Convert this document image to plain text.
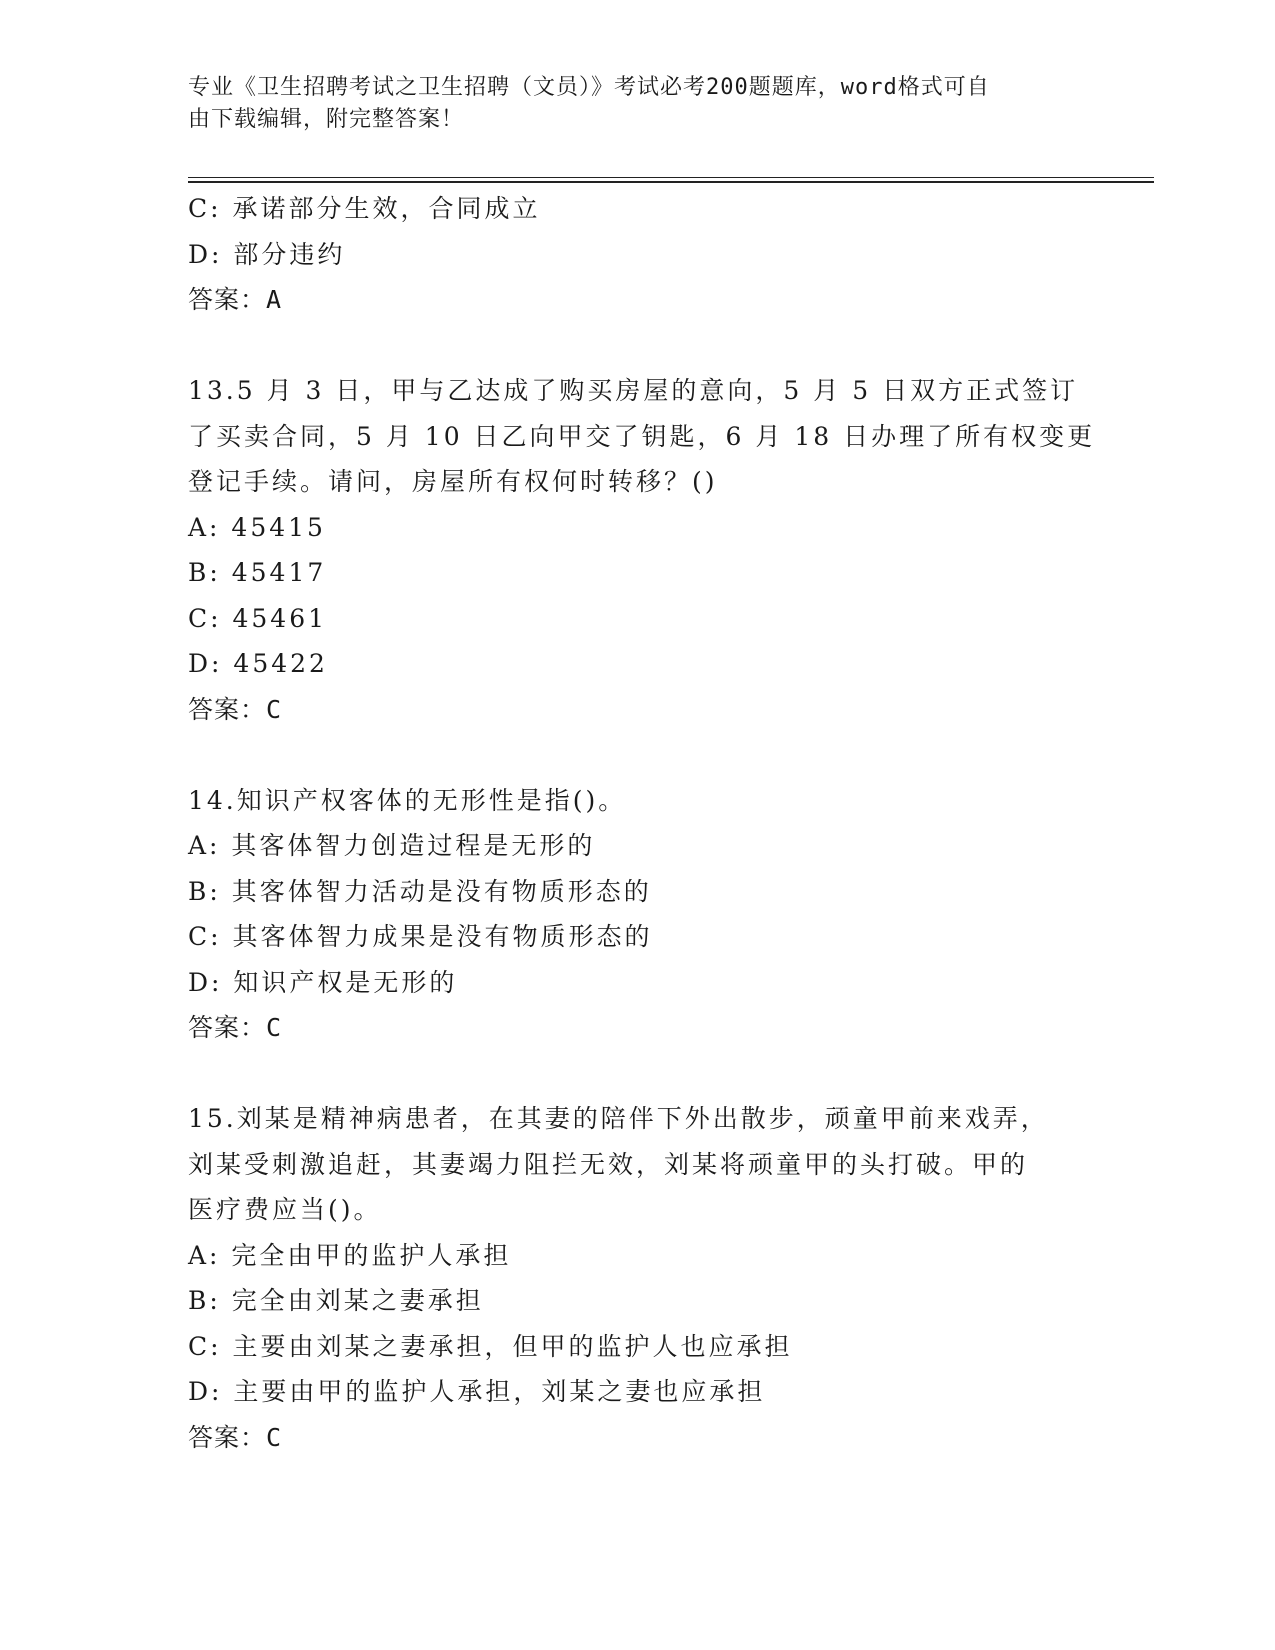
专业《卫生招聘考试之卫生招聘（文员）》考试必考200题题库，word格式可自
由下载编辑，附完整答案！
C: 承诺部分生效，合同成立
D: 部分违约
答案：A
13.5 月 3 日，甲与乙达成了购买房屋的意向，5 月 5 日双方正式签订
了买卖合同，5 月 10 日乙向甲交了钥匙，6 月 18 日办理了所有权变更
登记手续。请问，房屋所有权何时转移？()
A: 45415
B: 45417
C: 45461
D: 45422
答案：C
14.知识产权客体的无形性是指()。
A: 其客体智力创造过程是无形的
B: 其客体智力活动是没有物质形态的
C: 其客体智力成果是没有物质形态的
D: 知识产权是无形的
答案：C
15.刘某是精神病患者，在其妻的陪伴下外出散步，顽童甲前来戏弄，
刘某受刺激追赶，其妻竭力阻拦无效，刘某将顽童甲的头打破。甲的
医疗费应当()。
A: 完全由甲的监护人承担
B: 完全由刘某之妻承担
C: 主要由刘某之妻承担，但甲的监护人也应承担
D: 主要由甲的监护人承担，刘某之妻也应承担
答案：C
